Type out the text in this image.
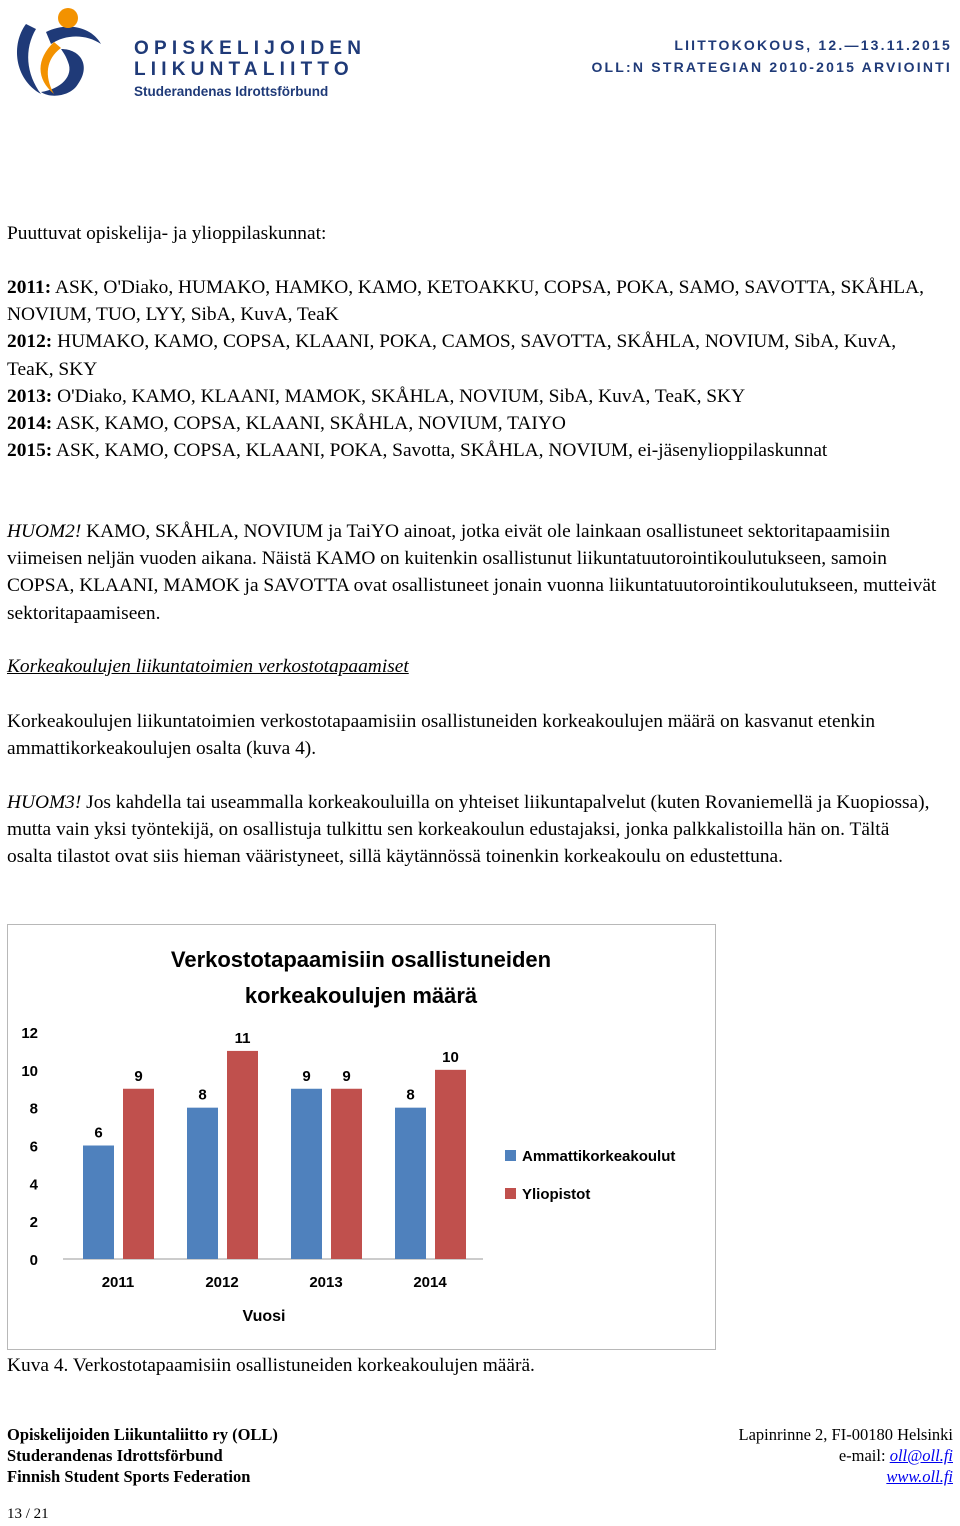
OPISKELIJOIDEN
LIIKUNTALIITTO
Studerandenas Idrottsförbund
LIITTOKOKOUS, 12.—13.11.2015
OLL:N STRATEGIAN 2010-2015 ARVIOINTI
Puuttuvat opiskelija- ja ylioppilaskunnat:
2011: ASK, O'Diako, HUMAKO, HAMKO, KAMO, KETOAKKU, COPSA, POKA, SAMO, SAVOTTA, SKÅHLA, NOVIUM, TUO, LYY, SibA, KuvA, TeaK
2012: HUMAKO, KAMO, COPSA, KLAANI, POKA, CAMOS, SAVOTTA, SKÅHLA, NOVIUM, SibA, KuvA, TeaK, SKY
2013: O'Diako, KAMO, KLAANI, MAMOK, SKÅHLA, NOVIUM, SibA, KuvA, TeaK, SKY
2014: ASK, KAMO, COPSA, KLAANI, SKÅHLA, NOVIUM, TAIYO
2015: ASK, KAMO, COPSA, KLAANI, POKA, Savotta, SKÅHLA, NOVIUM, ei-jäsenylioppilaskunnat
HUOM2! KAMO, SKÅHLA, NOVIUM ja TaiYO ainoat, jotka eivät ole lainkaan osallistuneet sektoritapaamisiin viimeisen neljän vuoden aikana. Näistä KAMO on kuitenkin osallistunut liikuntatuutorointikoulutukseen, samoin COPSA, KLAANI, MAMOK ja SAVOTTA ovat osallistuneet jonain vuonna liikuntatuutorointikoulutukseen, mutteivät sektoritapaamiseen.
Korkeakoulujen liikuntatoimien verkostotapaamiset
Korkeakoulujen liikuntatoimien verkostotapaamisiin osallistuneiden korkeakoulujen määrä on kasvanut etenkin ammattikorkeakoulujen osalta (kuva 4).
HUOM3! Jos kahdella tai useammalla korkeakouluilla on yhteiset liikuntapalvelut (kuten Rovaniemellä ja Kuopiossa), mutta vain yksi työntekijä, on osallistuja tulkittu sen korkeakoulun edustajaksi, jonka palkkalistoilla hän on. Tältä osalta tilastot ovat siis hieman vääristyneet, sillä käytännössä toinenkin korkeakoulu on edustettuna.
Verkostotapaamisiin osallistuneiden
korkeakoulujen määrä
0
2
4
6
8
10
12
6
9
2011
8
11
2012
9 9
2013
8
10
2014
Vuosi
Ammattikorkeakoulut
Yliopistot
Kuva 4. Verkostotapaamisiin osallistuneiden korkeakoulujen määrä.
Opiskelijoiden Liikuntaliitto ry (OLL)
Studerandenas Idrottsförbund
Finnish Student Sports Federation
Lapinrinne 2, FI-00180 Helsinki
e-mail: oll@oll.fi
www.oll.fi
13 / 21
